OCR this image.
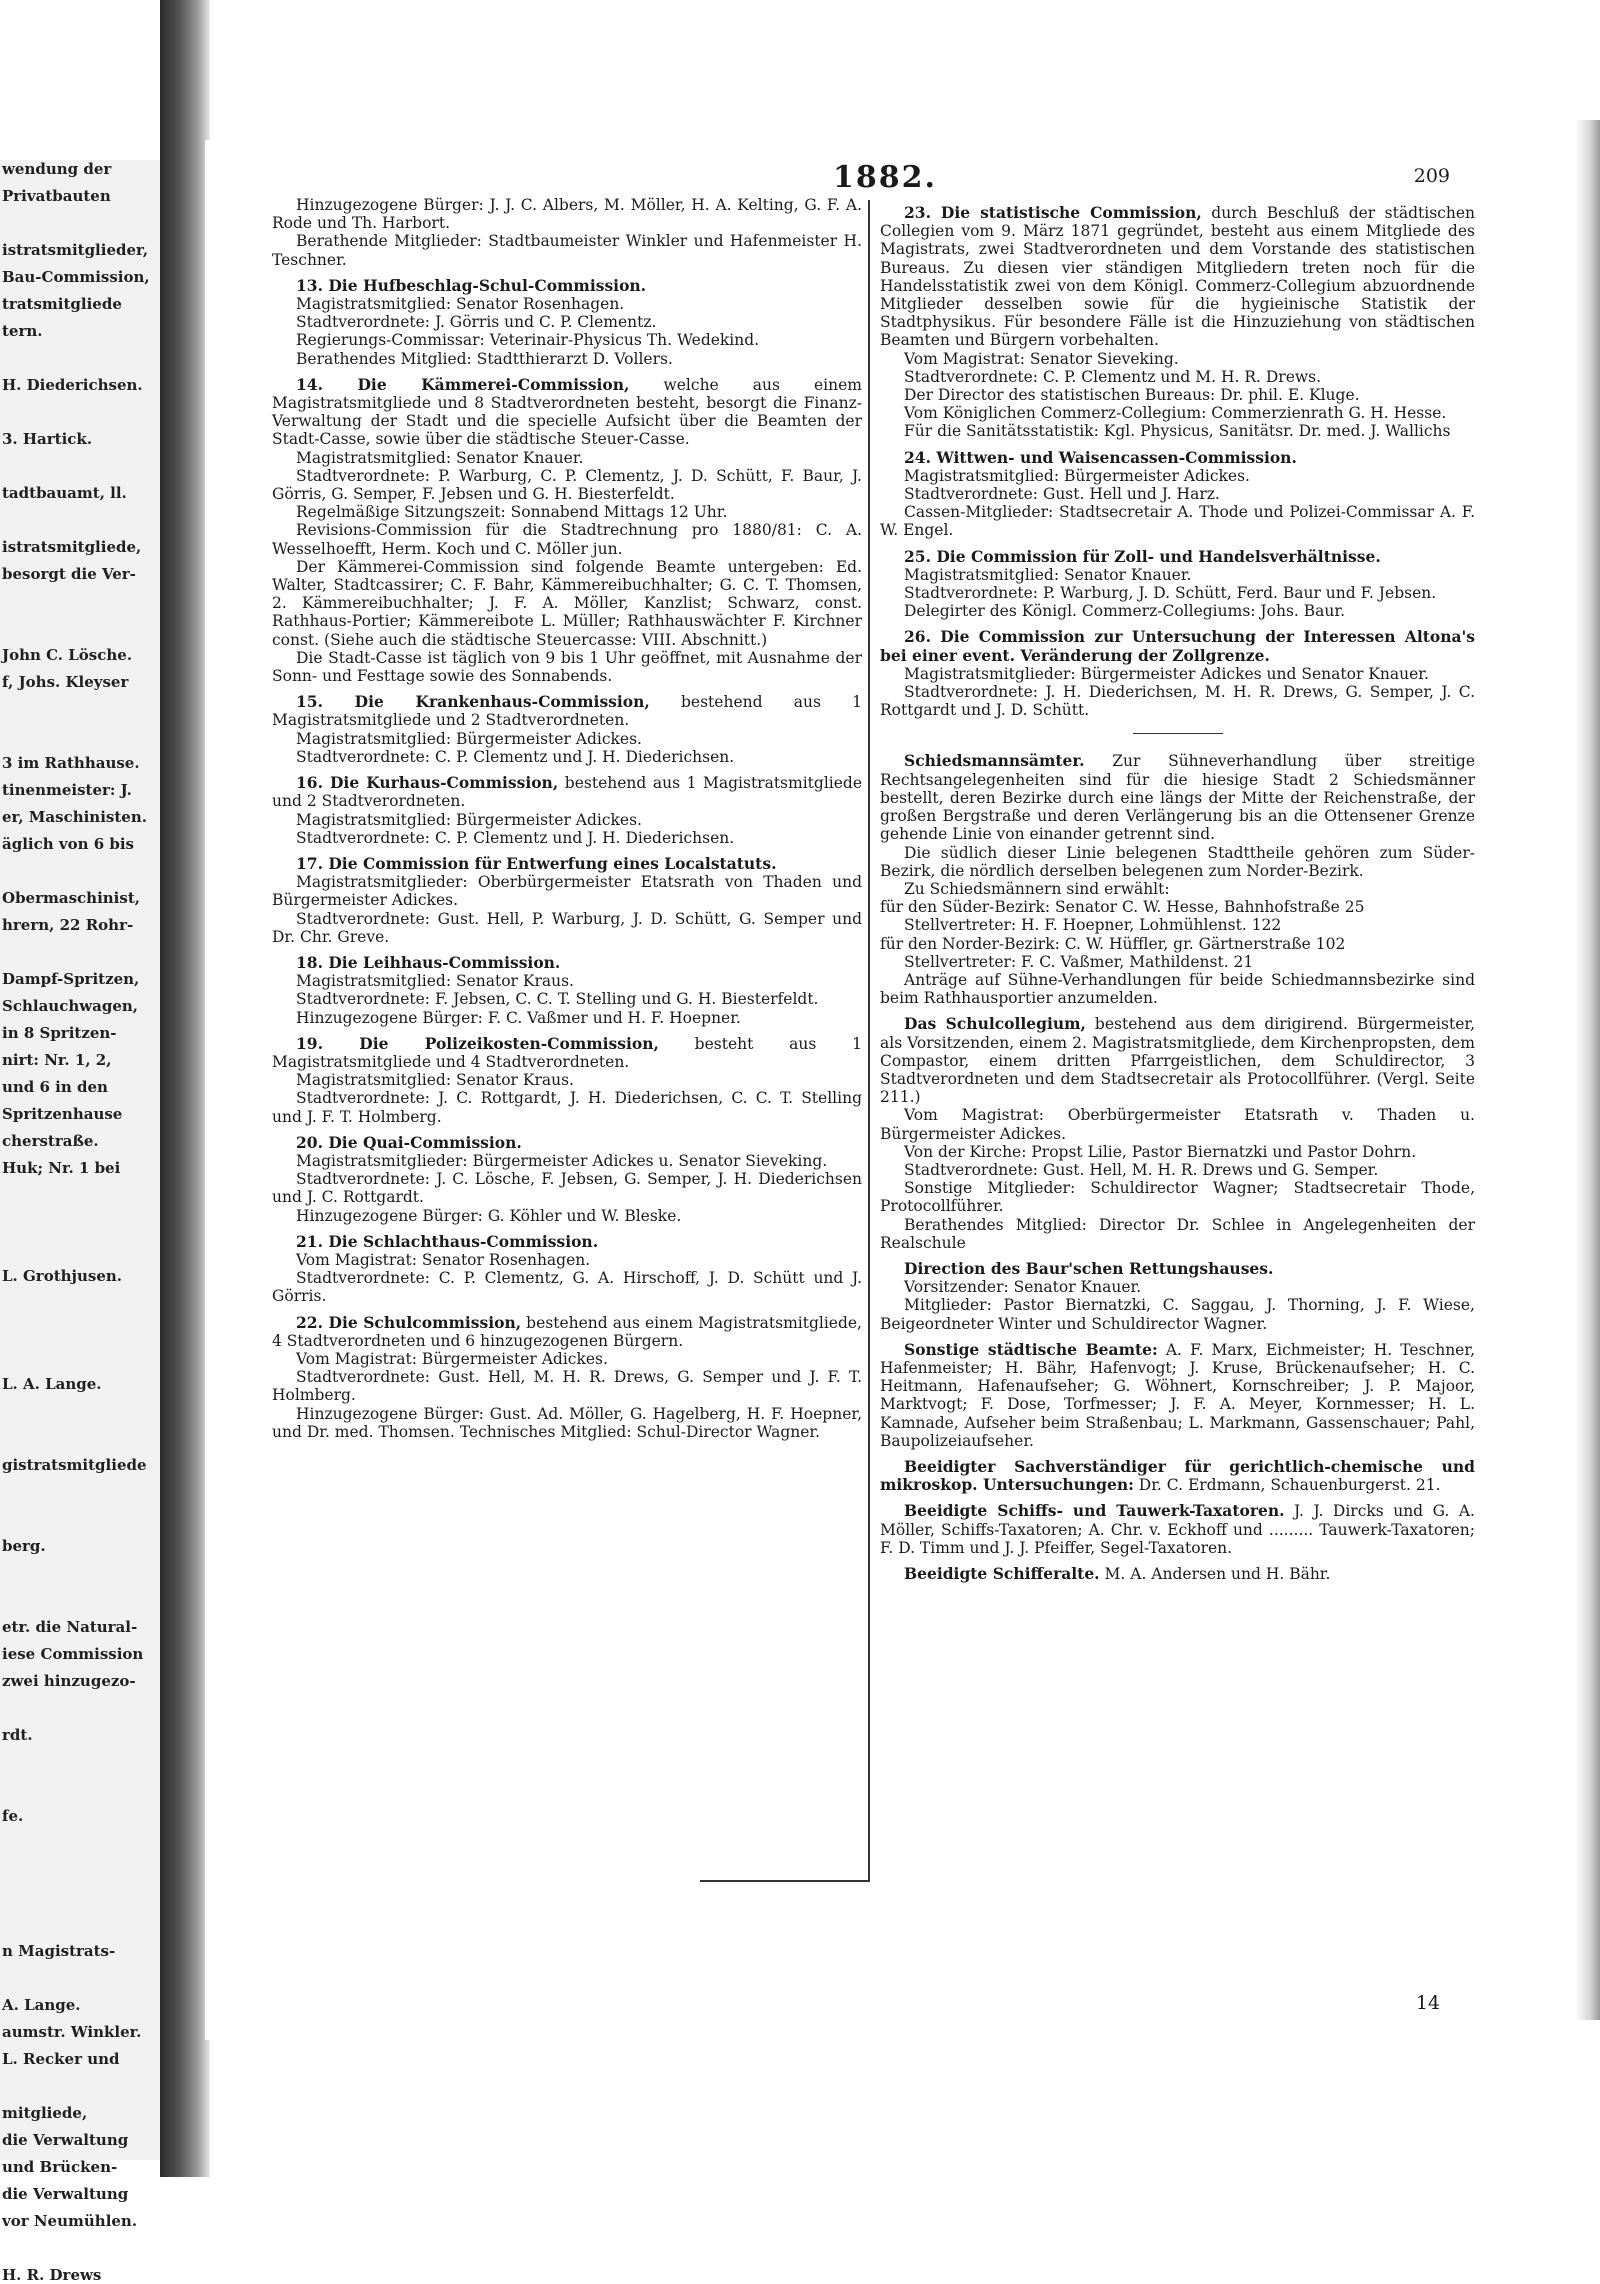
wendung der
Privatbauten
istratsmitglieder,
Bau-Commission,
tratsmitgliede
tern.
H. Diederichsen.
3. Hartick.
tadtbauamt, ll.
istratsmitgliede,
besorgt die Ver-
John C. Lösche.
f, Johs. Kleyser
3 im Rathhause.
tinenmeister: J.
er, Maschinisten.
äglich von 6 bis
Obermaschinist,
hrern, 22 Rohr-
Dampf-Spritzen,
Schlauchwagen,
in 8 Spritzen-
nirt: Nr. 1, 2,
und 6 in den
Spritzenhause
cherstraße.
Huk; Nr. 1 bei
L. Grothjusen.
L. A. Lange.
gistratsmitgliede
berg.
etr. die Natural-
iese Commission
zwei hinzugezo-
rdt.
fe.
n Magistrats-
A. Lange.
aumstr. Winkler.
L. Recker und
mitgliede,
die Verwaltung
und Brücken-
die Verwaltung
vor Neumühlen.
H. R. Drews
1882.	209

Hinzugezogene Bürger: J. J. C. Albers, M. Möller, H. A. Kelting, G. F. A. Rode und Th. Harbort.

Berathende Mitglieder: Stadtbaumeister Winkler und Hafenmeister H. Teschner.

13. Die Hufbeschlag-Schul-Commission.

Magistratsmitglied: Senator Rosenhagen.

Stadtverordnete: J. Görris und C. P. Clementz.

Regierungs-Commissar: Veterinair-Physicus Th. Wedekind.

Berathendes Mitglied: Stadtthierarzt D. Vollers.

14. Die Kämmerei-Commission, welche aus einem Magistratsmitgliede und 8 Stadtverordneten besteht, besorgt die Finanz-Verwaltung der Stadt und die specielle Aufsicht über die Beamten der Stadt-Casse, sowie über die städtische Steuer-Casse.

Magistratsmitglied: Senator Knauer.

Stadtverordnete: P. Warburg, C. P. Clementz, J. D. Schütt, F. Baur, J. Görris, G. Semper, F. Jebsen und G. H. Biesterfeldt.

Regelmäßige Sitzungszeit: Sonnabend Mittags 12 Uhr.

Revisions-Commission für die Stadtrechnung pro 1880/81: C. A. Wesselhoefft, Herm. Koch und C. Möller jun.

Der Kämmerei-Commission sind folgende Beamte untergeben: Ed. Walter, Stadtcassirer; C. F. Bahr, Kämmereibuchhalter; G. C. T. Thomsen, 2. Kämmereibuchhalter; J. F. A. Möller, Kanzlist; Schwarz, const. Rathhaus-Portier; Kämmereibote L. Müller; Rathhauswächter F. Kirchner const. (Siehe auch die städtische Steuercasse: VIII. Abschnitt.)

Die Stadt-Casse ist täglich von 9 bis 1 Uhr geöffnet, mit Ausnahme der Sonn- und Festtage sowie des Sonnabends.

15. Die Krankenhaus-Commission, bestehend aus 1 Magistratsmitgliede und 2 Stadtverordneten.

Magistratsmitglied: Bürgermeister Adickes.

Stadtverordnete: C. P. Clementz und J. H. Diederichsen.

16. Die Kurhaus-Commission, bestehend aus 1 Magistratsmitgliede und 2 Stadtverordneten.

Magistratsmitglied: Bürgermeister Adickes.

Stadtverordnete: C. P. Clementz und J. H. Diederichsen.

17. Die Commission für Entwerfung eines Localstatuts.

Magistratsmitglieder: Oberbürgermeister Etatsrath von Thaden und Bürgermeister Adickes.

Stadtverordnete: Gust. Hell, P. Warburg, J. D. Schütt, G. Semper und Dr. Chr. Greve.

18. Die Leihhaus-Commission.

Magistratsmitglied: Senator Kraus.

Stadtverordnete: F. Jebsen, C. C. T. Stelling und G. H. Biesterfeldt.

Hinzugezogene Bürger: F. C. Vaßmer und H. F. Hoepner.

19. Die Polizeikosten-Commission, besteht aus 1 Magistratsmitgliede und 4 Stadtverordneten.

Magistratsmitglied: Senator Kraus.

Stadtverordnete: J. C. Rottgardt, J. H. Diederichsen, C. C. T. Stelling und J. F. T. Holmberg.

20. Die Quai-Commission.

Magistratsmitglieder: Bürgermeister Adickes u. Senator Sieveking.

Stadtverordnete: J. C. Lösche, F. Jebsen, G. Semper, J. H. Diederichsen und J. C. Rottgardt.

Hinzugezogene Bürger: G. Köhler und W. Bleske.

21. Die Schlachthaus-Commission.

Vom Magistrat: Senator Rosenhagen.

Stadtverordnete: C. P. Clementz, G. A. Hirschoff, J. D. Schütt und J. Görris.

22. Die Schulcommission, bestehend aus einem Magistratsmitgliede, 4 Stadtverordneten und 6 hinzugezogenen Bürgern.

Vom Magistrat: Bürgermeister Adickes.

Stadtverordnete: Gust. Hell, M. H. R. Drews, G. Semper und J. F. T. Holmberg.

Hinzugezogene Bürger: Gust. Ad. Möller, G. Hagelberg, H. F. Hoepner, und Dr. med. Thomsen. Technisches Mitglied: Schul-Director Wagner.

23. Die statistische Commission, durch Beschluß der städtischen Collegien vom 9. März 1871 gegründet, besteht aus einem Mitgliede des Magistrats, zwei Stadtverordneten und dem Vorstande des statistischen Bureaus. Zu diesen vier ständigen Mitgliedern treten noch für die Handelsstatistik zwei von dem Königl. Commerz-Collegium abzuordnende Mitglieder desselben sowie für die hygieinische Statistik der Stadtphysikus. Für besondere Fälle ist die Hinzuziehung von städtischen Beamten und Bürgern vorbehalten.

Vom Magistrat: Senator Sieveking.

Stadtverordnete: C. P. Clementz und M. H. R. Drews.

Der Director des statistischen Bureaus: Dr. phil. E. Kluge.

Vom Königlichen Commerz-Collegium: Commerzienrath G. H. Hesse.

Für die Sanitätsstatistik: Kgl. Physicus, Sanitätsr. Dr. med. J. Wallichs

24. Wittwen- und Waisencassen-Commission.

Magistratsmitglied: Bürgermeister Adickes.

Stadtverordnete: Gust. Hell und J. Harz.

Cassen-Mitglieder: Stadtsecretair A. Thode und Polizei-Commissar A. F. W. Engel.

25. Die Commission für Zoll- und Handelsverhältnisse.

Magistratsmitglied: Senator Knauer.

Stadtverordnete: P. Warburg, J. D. Schütt, Ferd. Baur und F. Jebsen.

Delegirter des Königl. Commerz-Collegiums: Johs. Baur.

26. Die Commission zur Untersuchung der Interessen Altona's bei einer event. Veränderung der Zollgrenze.

Magistratsmitglieder: Bürgermeister Adickes und Senator Knauer.

Stadtverordnete: J. H. Diederichsen, M. H. R. Drews, G. Semper, J. C. Rottgardt und J. D. Schütt.

Schiedsmannsämter. Zur Sühneverhandlung über streitige Rechtsangelegenheiten sind für die hiesige Stadt 2 Schiedsmänner bestellt, deren Bezirke durch eine längs der Mitte der Reichenstraße, der großen Bergstraße und deren Verlängerung bis an die Ottensener Grenze gehende Linie von einander getrennt sind.

Die südlich dieser Linie belegenen Stadttheile gehören zum Süder-Bezirk, die nördlich derselben belegenen zum Norder-Bezirk.

Zu Schiedsmännern sind erwählt:

für den Süder-Bezirk: Senator C. W. Hesse, Bahnhofstraße 25

Stellvertreter: H. F. Hoepner, Lohmühlenst. 122

für den Norder-Bezirk: C. W. Hüffler, gr. Gärtnerstraße 102

Stellvertreter: F. C. Vaßmer, Mathildenst. 21

Anträge auf Sühne-Verhandlungen für beide Schiedmannsbezirke sind beim Rathhausportier anzumelden.

Das Schulcollegium, bestehend aus dem dirigirend. Bürgermeister, als Vorsitzenden, einem 2. Magistratsmitgliede, dem Kirchenpropsten, dem Compastor, einem dritten Pfarrgeistlichen, dem Schuldirector, 3 Stadtverordneten und dem Stadtsecretair als Protocollführer. (Vergl. Seite 211.)

Vom Magistrat: Oberbürgermeister Etatsrath v. Thaden u. Bürgermeister Adickes.

Von der Kirche: Propst Lilie, Pastor Biernatzki und Pastor Dohrn.

Stadtverordnete: Gust. Hell, M. H. R. Drews und G. Semper.

Sonstige Mitglieder: Schuldirector Wagner; Stadtsecretair Thode, Protocollführer.

Berathendes Mitglied: Director Dr. Schlee in Angelegenheiten der Realschule

Direction des Baur'schen Rettungshauses.

Vorsitzender: Senator Knauer.

Mitglieder: Pastor Biernatzki, C. Saggau, J. Thorning, J. F. Wiese, Beigeordneter Winter und Schuldirector Wagner.

Sonstige städtische Beamte: A. F. Marx, Eichmeister; H. Teschner, Hafenmeister; H. Bähr, Hafenvogt; J. Kruse, Brückenaufseher; H. C. Heitmann, Hafenaufseher; G. Wöhnert, Kornschreiber; J. P. Majoor, Marktvogt; F. Dose, Torfmesser; J. F. A. Meyer, Kornmesser; H. L. Kamnade, Aufseher beim Straßenbau; L. Markmann, Gassenschauer; Pahl, Baupolizeiaufseher.

Beeidigter Sachverständiger für gerichtlich-chemische und mikroskop. Untersuchungen: Dr. C. Erdmann, Schauenburgerst. 21.

Beeidigte Schiffs- und Tauwerk-Taxatoren. J. J. Dircks und G. A. Möller, Schiffs-Taxatoren; A. Chr. v. Eckhoff und ......... Tauwerk-Taxatoren; F. D. Timm und J. J. Pfeiffer, Segel-Taxatoren.

Beeidigte Schifferalte. M. A. Andersen und H. Bähr.

14
